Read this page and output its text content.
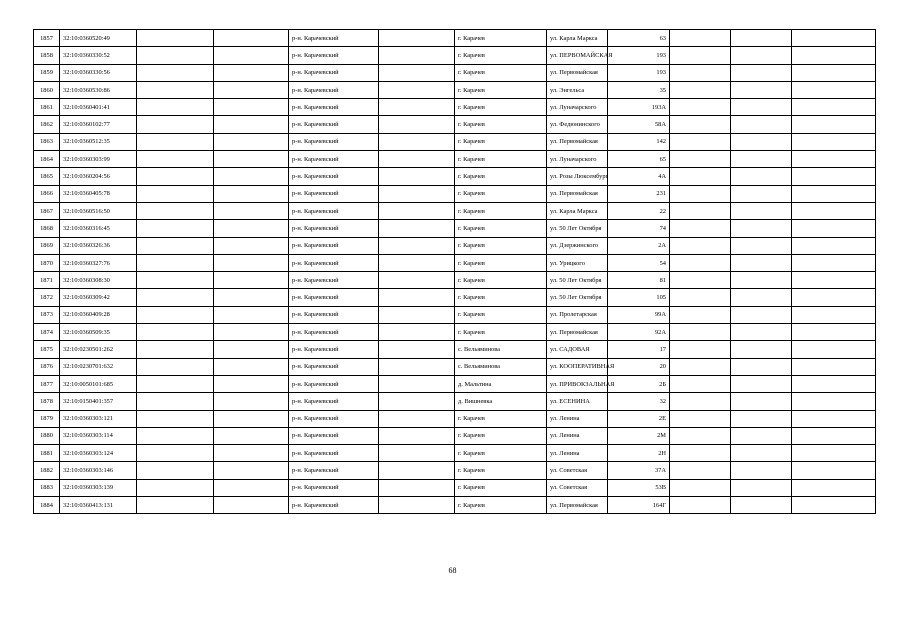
1857	32:10:0360520:49			р-н. Карачевский		г. Карачев	ул. Карла Маркса	63			
1858	32:10:0360330:52			р-н. Карачевский		г. Карачев	ул. ПЕРВОМАЙСКАЯ	193			
1859	32:10:0360330:56			р-н. Карачевский		г. Карачев	ул. Первомайская	193			
1860	32:10:0360530:86			р-н. Карачевский		г. Карачев	ул. Энгельса	35			
1861	32:10:0360401:41			р-н. Карачевский		г. Карачев	ул. Луначарского	193А			
1862	32:10:0360102:77			р-н. Карачевский		г. Карачев	ул. Федюнинского	58А			
1863	32:10:0360512:35			р-н. Карачевский		г. Карачев	ул. Первомайская	142			
1864	32:10:0360303:99			р-н. Карачевский		г. Карачев	ул. Луначарского	65			
1865	32:10:0360204:56			р-н. Карачевский		г. Карачев	ул. Розы Люксембург	4А			
1866	32:10:0360405:78			р-н. Карачевский		г. Карачев	ул. Первомайская	231			
1867	32:10:0360516:50			р-н. Карачевский		г. Карачев	ул. Карла Маркса	22			
1868	32:10:0360316:45			р-н. Карачевский		г. Карачев	ул. 50 Лет Октября	74			
1869	32:10:0360326:36			р-н. Карачевский		г. Карачев	ул. Дзержинского	2А			
1870	32:10:0360327:76			р-н. Карачевский		г. Карачев	ул. Урицкого	54			
1871	32:10:0360308:30			р-н. Карачевский		г. Карачев	ул. 50 Лет Октября	81			
1872	32:10:0360309:42			р-н. Карачевский		г. Карачев	ул. 50 Лет Октября	105			
1873	32:10:0360409:28			р-н. Карачевский		г. Карачев	ул. Пролетарская	99А			
1874	32:10:0360509:35			р-н. Карачевский		г. Карачев	ул. Первомайская	92А			
1875	32:10:0230501:262			р-н. Карачевский		с. Вельяминова	ул. САДОВАЯ	17			
1876	32:10:0230701:632			р-н. Карачевский		с. Вельяминова	ул. КООПЕРАТИВНАЯ	20			
1877	32:10:0050101:685			р-н. Карачевский		д. Мальтина	ул. ПРИВОКЗАЛЬНАЯ	2Б			
1878	32:10:0150401:357			р-н. Карачевский		д. Вишневка	ул. ЕСЕНИНА	32			
1879	32:10:0360303:121			р-н. Карачевский		г. Карачев	ул. Ленина	2Е			
1880	32:10:0360303:114			р-н. Карачевский		г. Карачев	ул. Ленина	2М			
1881	32:10:0360303:124			р-н. Карачевский		г. Карачев	ул. Ленина	2Н			
1882	32:10:0360303:146			р-н. Карачевский		г. Карачев	ул. Советская	37А			
1883	32:10:0360303:139			р-н. Карачевский		г. Карачев	ул. Советская	53В			
1884	32:10:0360413:131			р-н. Карачевский		г. Карачев	ул. Первомайская	164Г			
68
